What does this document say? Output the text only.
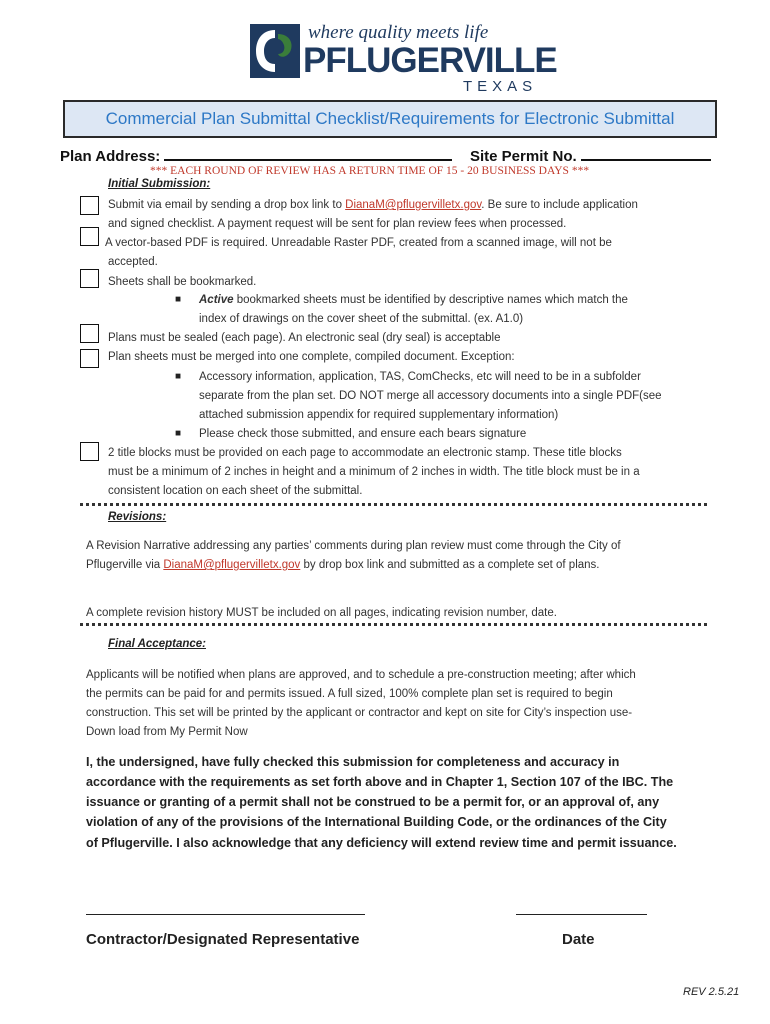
where quality meets life
PFLUGERVILLE
TEXAS
Commercial Plan Submittal Checklist/Requirements for Electronic Submittal
Plan Address:	Site Permit No.
*** EACH ROUND OF REVIEW HAS A RETURN TIME OF 15 - 20 BUSINESS DAYS ***
Initial Submission:
Submit via email by sending a drop box link to DianaM@pflugervilletx.gov. Be sure to include application
and signed checklist. A payment request will be sent for plan review fees when processed.
A vector-based PDF is required. Unreadable Raster PDF, created from a scanned image, will not be
accepted.
Sheets shall be bookmarked.
■ Active bookmarked sheets must be identified by descriptive names which match the
index of drawings on the cover sheet of the submittal. (ex. A1.0)
Plans must be sealed (each page). An electronic seal (dry seal) is acceptable
Plan sheets must be merged into one complete, compiled document. Exception:
■ Accessory information, application, TAS, ComChecks, etc will need to be in a subfolder
separate from the plan set. DO NOT merge all accessory documents into a single PDF(see
attached submission appendix for required supplementary information)
■ Please check those submitted, and ensure each bears signature
2 title blocks must be provided on each page to accommodate an electronic stamp. These title blocks
must be a minimum of 2 inches in height and a minimum of 2 inches in width. The title block must be in a
consistent location on each sheet of the submittal.
Revisions:
A Revision Narrative addressing any parties’ comments during plan review must come through the City of
Pflugerville via DianaM@pflugervilletx.gov by drop box link and submitted as a complete set of plans.
A complete revision history MUST be included on all pages, indicating revision number, date.
Final Acceptance:
Applicants will be notified when plans are approved, and to schedule a pre-construction meeting; after which
the permits can be paid for and permits issued. A full sized, 100% complete plan set is required to begin
construction. This set will be printed by the applicant or contractor and kept on site for City’s inspection use-
Down load from My Permit Now
I, the undersigned, have fully checked this submission for completeness and accuracy in
accordance with the requirements as set forth above and in Chapter 1, Section 107 of the IBC. The
issuance or granting of a permit shall not be construed to be a permit for, or an approval of, any
violation of any of the provisions of the International Building Code, or the ordinances of the City
of Pflugerville. I also acknowledge that any deficiency will extend review time and permit issuance.
Contractor/Designated Representative	Date
REV 2.5.21
